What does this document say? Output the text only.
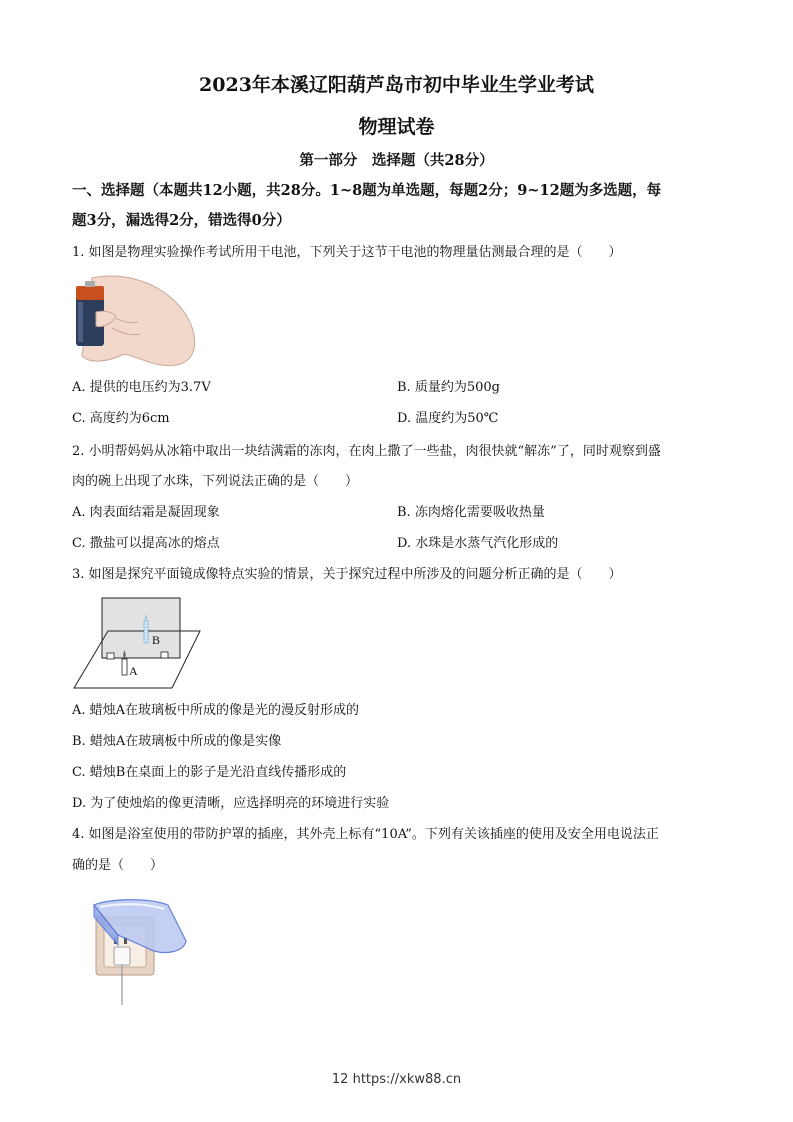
2023年本溪辽阳葫芦岛市初中毕业生学业考试
物理试卷
第一部分　选择题（共28分）
一、选择题（本题共12小题，共28分。1~8题为单选题，每题2分；9~12题为多选题，每
题3分，漏选得2分，错选得0分）
1. 如图是物理实验操作考试所用干电池，下列关于这节干电池的物理量估测最合理的是（　　）
A. 提供的电压约为3.7V	B. 质量约为500g
C. 高度约为6cm	D. 温度约为50℃
2. 小明帮妈妈从冰箱中取出一块结满霜的冻肉，在肉上撒了一些盐，肉很快就“解冻”了，同时观察到盛
肉的碗上出现了水珠，下列说法正确的是（　　）
A. 肉表面结霜是凝固现象	B. 冻肉熔化需要吸收热量
C. 撒盐可以提高冰的熔点	D. 水珠是水蒸气汽化形成的
3. 如图是探究平面镜成像特点实验的情景，关于探究过程中所涉及的问题分析正确的是（　　）
B
A
A. 蜡烛A在玻璃板中所成的像是光的漫反射形成的
B. 蜡烛A在玻璃板中所成的像是实像
C. 蜡烛B在桌面上的影子是光沿直线传播形成的
D. 为了使烛焰的像更清晰，应选择明亮的环境进行实验
4. 如图是浴室使用的带防护罩的插座，其外壳上标有“10A”。下列有关该插座的使用及安全用电说法正
确的是（　　）
12 https://xkw88.cn
